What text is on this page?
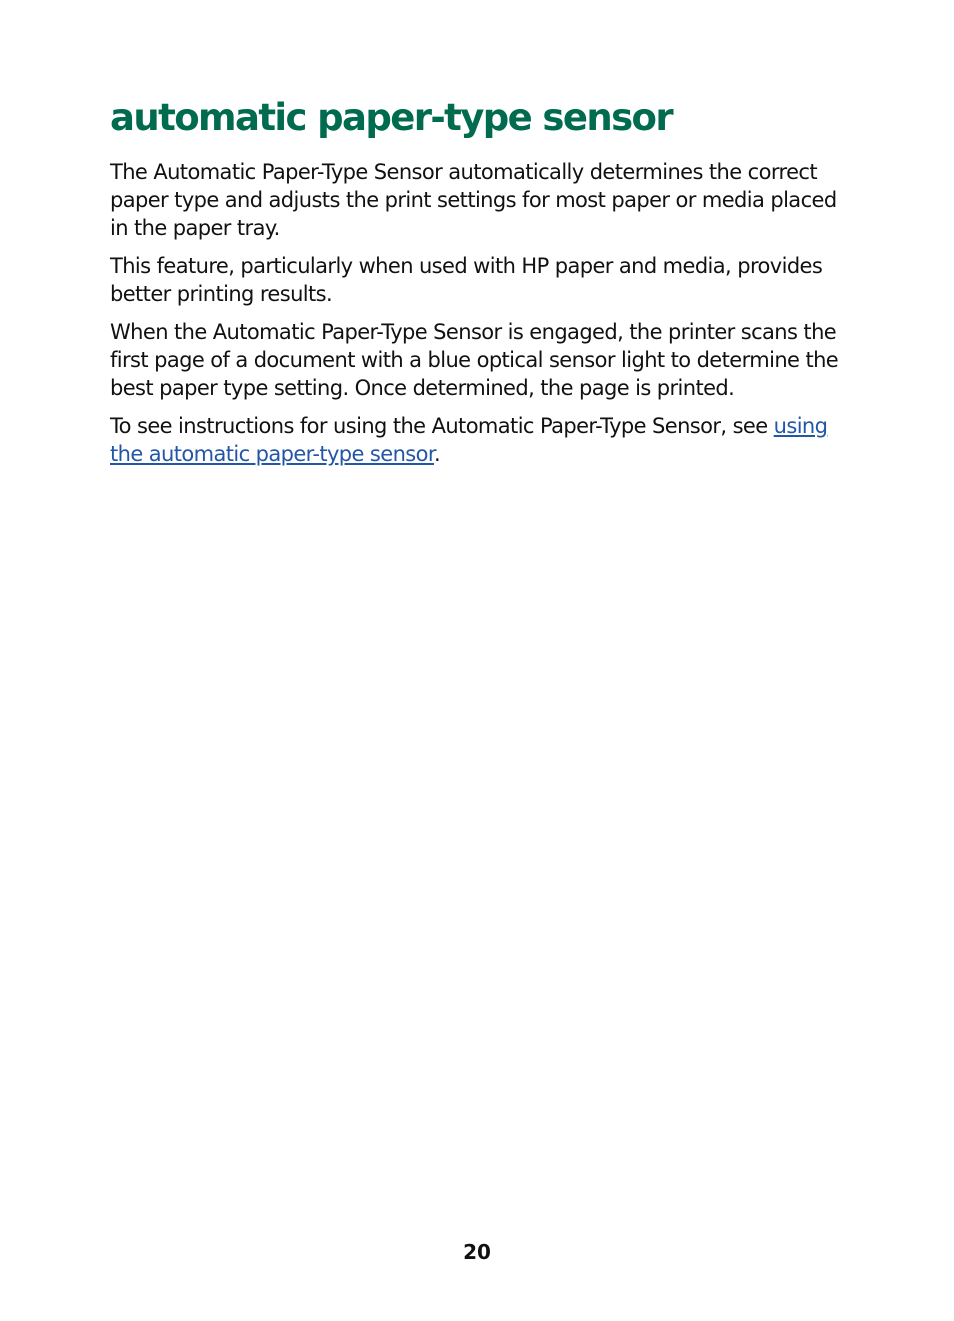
automatic paper-type sensor

The Automatic Paper-Type Sensor automatically determines the correct paper type and adjusts the print settings for most paper or media placed in the paper tray.

This feature, particularly when used with HP paper and media, provides better printing results.

When the Automatic Paper-Type Sensor is engaged, the printer scans the first page of a document with a blue optical sensor light to determine the best paper type setting. Once determined, the page is printed.

To see instructions for using the Automatic Paper-Type Sensor, see using the automatic paper-type sensor.

20
